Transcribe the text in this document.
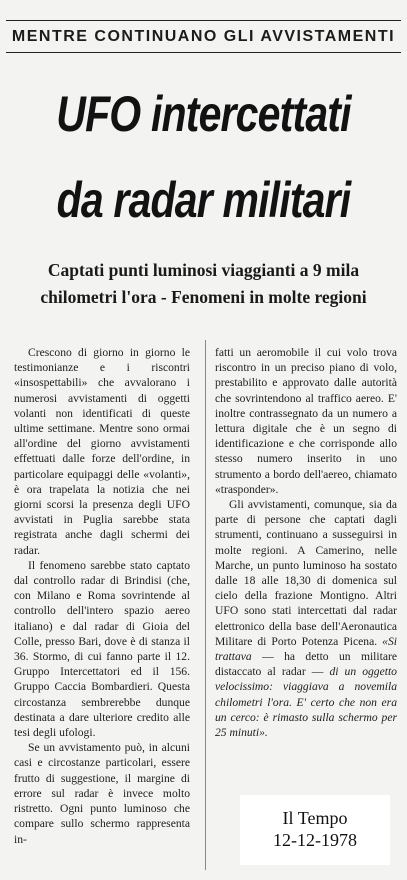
MENTRE CONTINUANO GLI AVVISTAMENTI
UFO intercettati
da radar militari
Captati punti luminosi viaggianti a 9 mila
chilometri l'ora - Fenomeni in molte regioni

Crescono di giorno in giorno le testimonianze e i riscontri «insospettabili» che avvalorano i numerosi avvistamenti di oggetti volanti non identificati di queste ultime settimane. Mentre sono ormai all'ordine del giorno avvistamenti effettuati dalle forze dell'ordine, in particolare equipaggi delle «volanti», è ora trapelata la notizia che nei giorni scorsi la presenza degli UFO avvistati in Puglia sarebbe stata registrata anche dagli schermi dei radar.

Il fenomeno sarebbe stato captato dal controllo radar di Brindisi (che, con Milano e Roma sovrintende al controllo dell'intero spazio aereo italiano) e dal radar di Gioia del Colle, presso Bari, dove è di stanza il 36. Stormo, di cui fanno parte il 12. Gruppo Intercettatori ed il 156. Gruppo Caccia Bombardieri. Questa circostanza sembrerebbe dunque destinata a dare ulteriore credito alle tesi degli ufologi.

Se un avvistamento può, in alcuni casi e circostanze particolari, essere frutto di suggestione, il margine di errore sul radar è invece molto ristretto. Ogni punto luminoso che compare sullo schermo rappresenta in-

fatti un aeromobile il cui volo trova riscontro in un preciso piano di volo, prestabilito e approvato dalle autorità che sovrintendono al traffico aereo. E' inoltre contrassegnato da un numero a lettura digitale che è un segno di identificazione e che corrisponde allo stesso numero inserito in uno strumento a bordo dell'aereo, chiamato «trasponder».

Gli avvistamenti, comunque, sia da parte di persone che captati dagli strumenti, continuano a susseguirsi in molte regioni. A Camerino, nelle Marche, un punto luminoso ha sostato dalle 18 alle 18,30 di domenica sul cielo della frazione Montigno. Altri UFO sono stati intercettati dal radar elettronico della base dell'Aeronautica Militare di Porto Potenza Picena. «Si trattava — ha detto un militare distaccato al radar — di un oggetto velocissimo: viaggiava a novemila chilometri l'ora. E' certo che non era un cerco: è rimasto sulla schermo per 25 minuti».

Il Tempo
12-12-1978
